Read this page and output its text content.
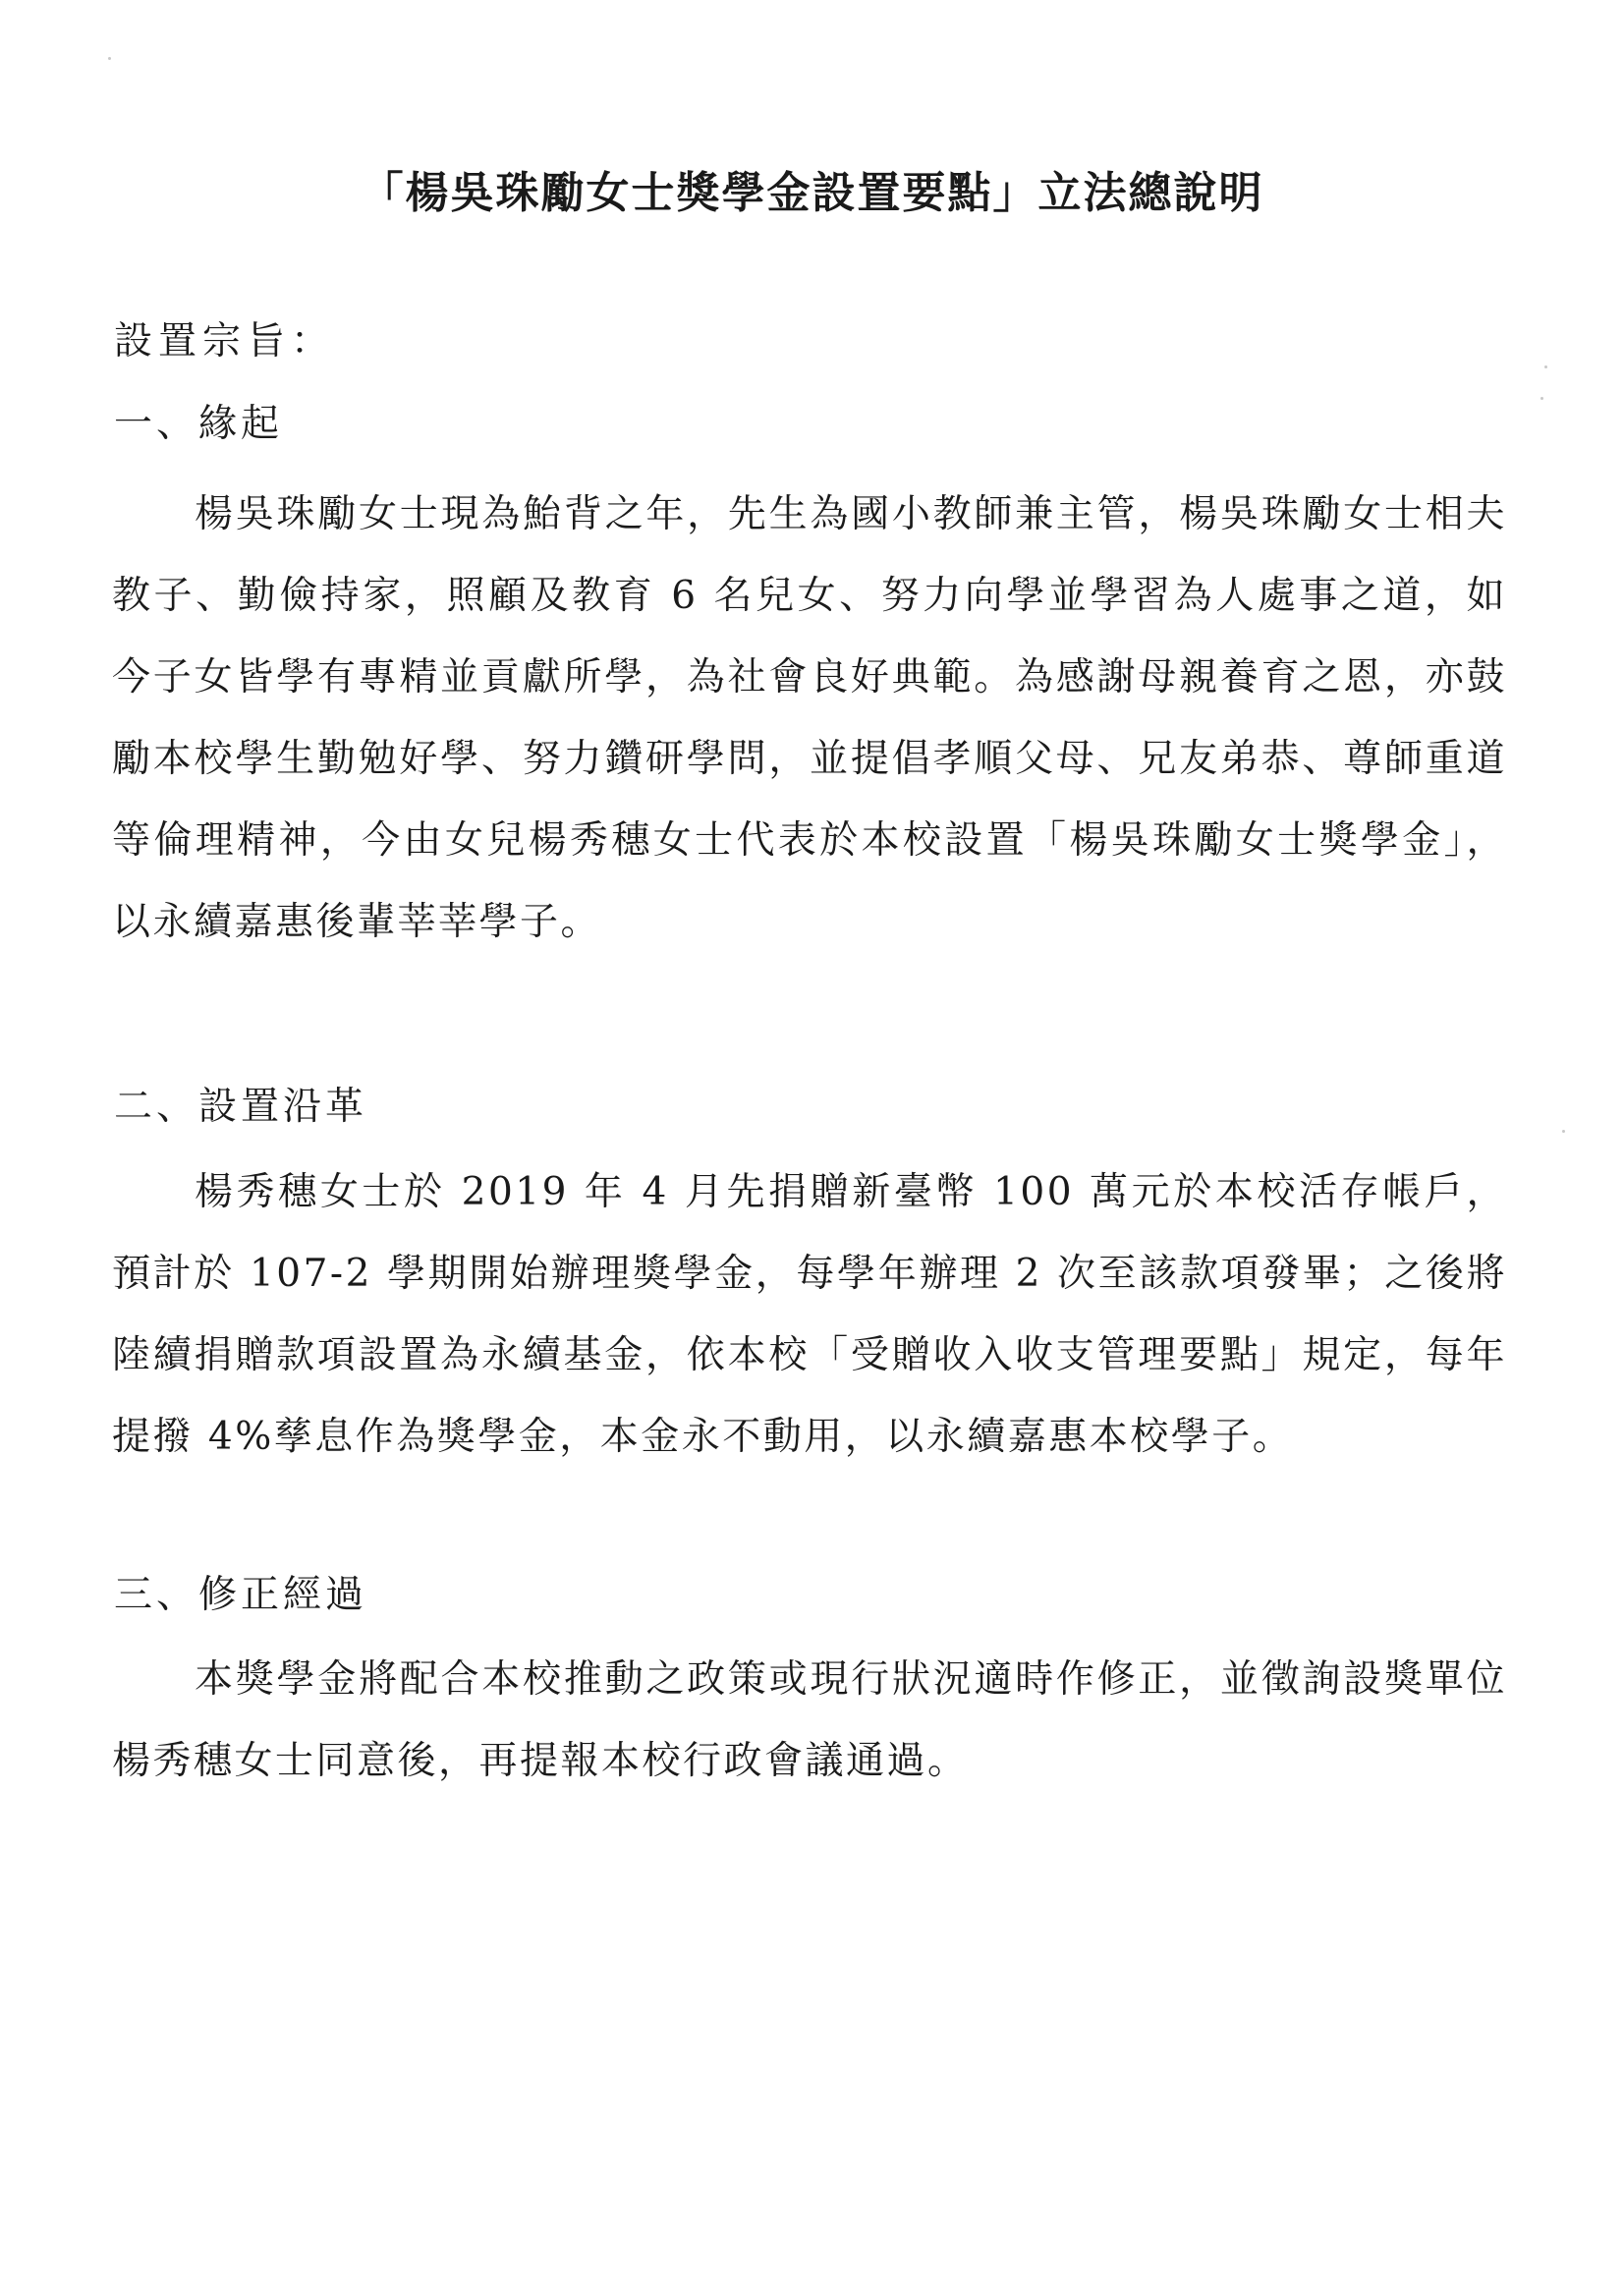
「楊吳珠勵女士獎學金設置要點」立法總說明
設置宗旨：
一、緣起
楊吳珠勵女士現為鮐背之年，先生為國小教師兼主管，楊吳珠勵女士相夫教子、勤儉持家，照顧及教育 6 名兒女、努力向學並學習為人處事之道，如今子女皆學有專精並貢獻所學，為社會良好典範。為感謝母親養育之恩，亦鼓勵本校學生勤勉好學、努力鑽研學問，並提倡孝順父母、兄友弟恭、尊師重道等倫理精神，今由女兒楊秀穗女士代表於本校設置「楊吳珠勵女士獎學金」，以永續嘉惠後輩莘莘學子。
二、設置沿革
楊秀穗女士於 2019 年 4 月先捐贈新臺幣 100 萬元於本校活存帳戶，預計於 107-2 學期開始辦理獎學金，每學年辦理 2 次至該款項發畢；之後將陸續捐贈款項設置為永續基金，依本校「受贈收入收支管理要點」規定，每年提撥 4%孳息作為獎學金，本金永不動用，以永續嘉惠本校學子。
三、修正經過
本獎學金將配合本校推動之政策或現行狀況適時作修正，並徵詢設獎單位楊秀穗女士同意後，再提報本校行政會議通過。
